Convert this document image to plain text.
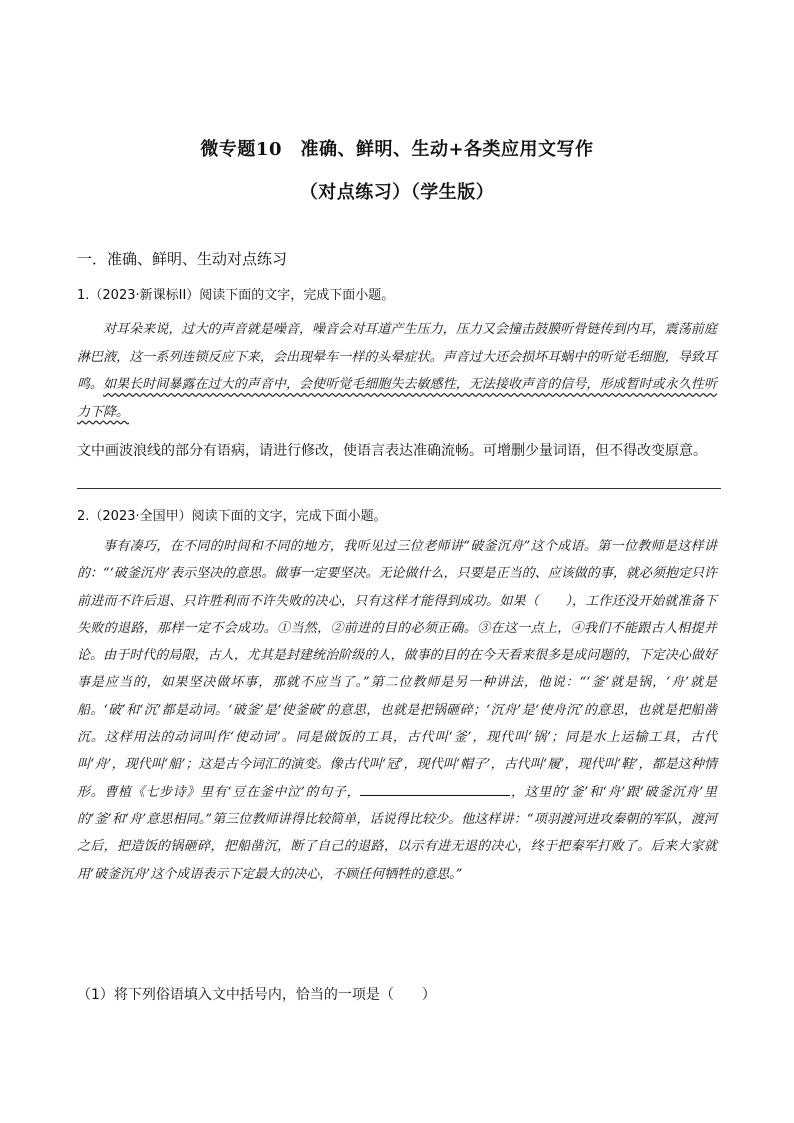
微专题10　准确、鲜明、生动+各类应用文写作
（对点练习）（学生版）
一．准确、鲜明、生动对点练习
1.（2023·新课标II）阅读下面的文字，完成下面小题。

对耳朵来说，过大的声音就是噪音，噪音会对耳道产生压力，压力又会撞击鼓膜听骨链传到内耳，震荡前庭淋巴液，这一系列连锁反应下来，会出现晕车一样的头晕症状。声音过大还会损坏耳蜗中的听觉毛细胞，导致耳鸣。如果长时间暴露在过大的声音中，会使听觉毛细胞失去敏感性，无法接收声音的信号，形成暂时或永久性听力下降。

文中画波浪线的部分有语病，请进行修改，使语言表达准确流畅。可增删少量词语，但不得改变原意。
2.（2023·全国甲）阅读下面的文字，完成下面小题。

事有凑巧，在不同的时间和不同的地方，我听见过三位老师讲“破釜沉舟”这个成语。第一位教师是这样讲的：“‘破釜沉舟’表示坚决的意思。做事一定要坚决。无论做什么，只要是正当的、应该做的事，就必须抱定只许前进而不许后退、只许胜利而不许失败的决心，只有这样才能得到成功。如果（　　），工作还没开始就准备下失败的退路，那样一定不会成功。①当然，②前进的目的必须正确。③在这一点上，④我们不能跟古人相提并论。由于时代的局限，古人，尤其是封建统治阶级的人，做事的目的在今天看来很多是成问题的，下定决心做好事是应当的，如果坚决做坏事，那就不应当了。”第二位教师是另一种讲法，他说：“‘釜’就是锅，‘舟’就是船。‘破’和‘沉’都是动词。‘破釜’是‘使釜破’的意思，也就是把锅砸碎；‘沉舟’是‘使舟沉’的意思，也就是把船凿沉。这样用法的动词叫作‘使动词’。同是做饭的工具，古代叫‘釜’，现代叫‘锅’；同是水上运输工具，古代叫‘舟’，现代叫‘船’；这是古今词汇的演变。像古代叫‘冠’，现代叫‘帽子’，古代叫‘履’，现代叫‘鞋’，都是这种情形。曹植《七步诗》里有‘豆在釜中泣’的句子，	，这里的‘釜’和‘舟’跟‘破釜沉舟’里的‘釜’和‘舟’意思相同。”第三位教师讲得比较简单，话说得比较少。他这样讲：“项羽渡河进攻秦朝的军队，渡河之后，把造饭的锅砸碎，把船凿沉，断了自己的退路，以示有进无退的决心，终于把秦军打败了。后来大家就用‘破釜沉舟’这个成语表示下定最大的决心，不顾任何牺牲的意思。”

（1）将下列俗语填入文中括号内，恰当的一项是（　　）
